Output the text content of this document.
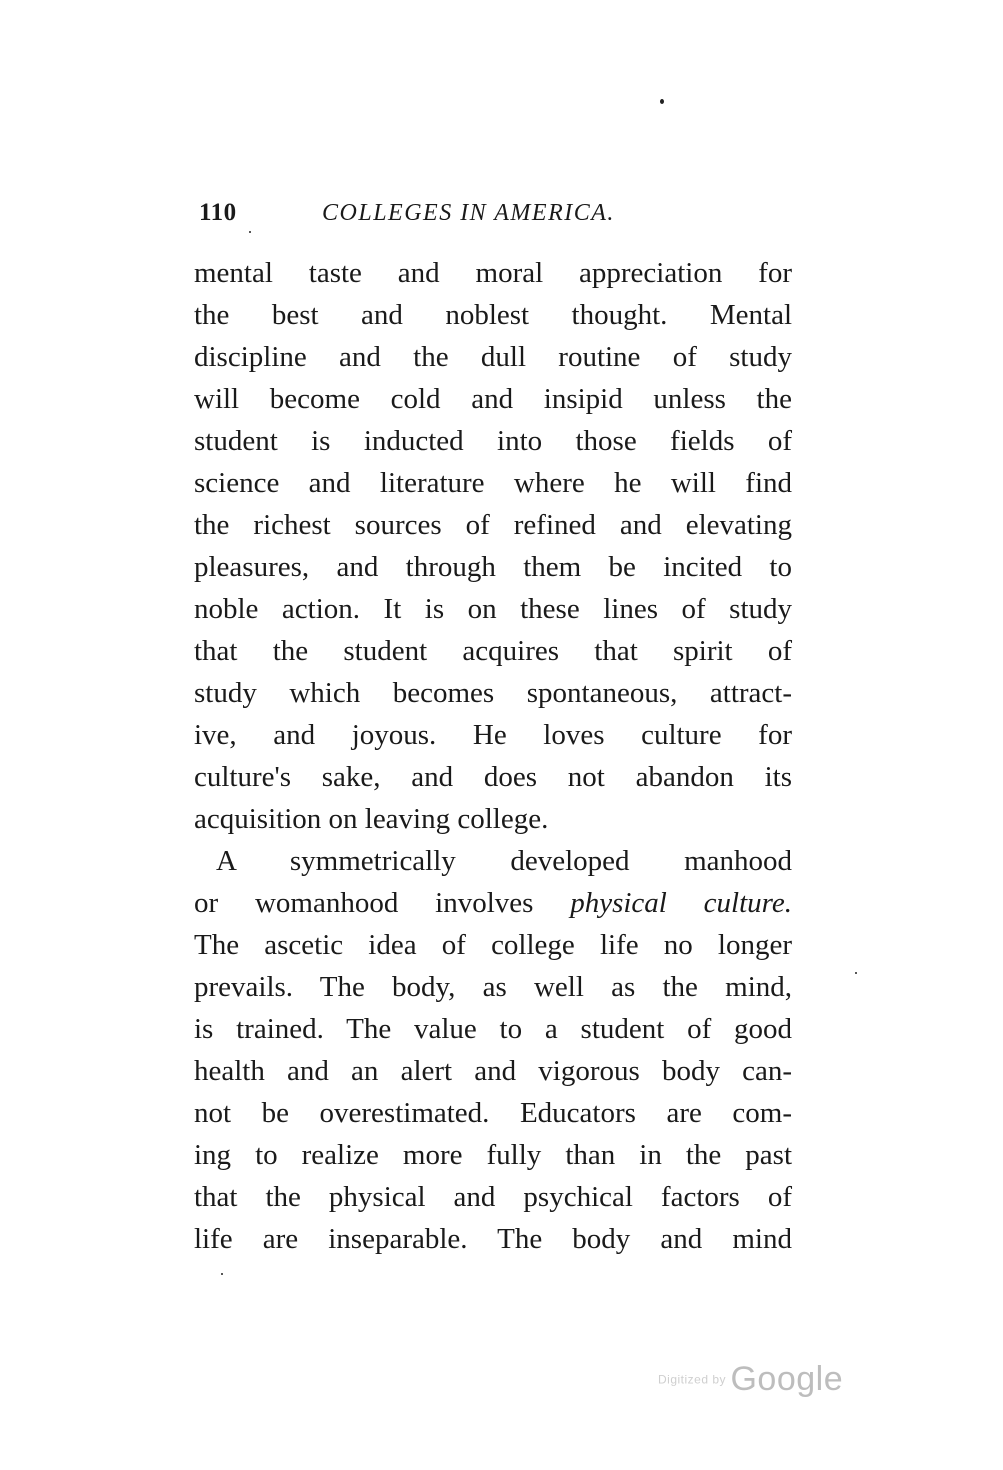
110	COLLEGES IN AMERICA.
mental taste and moral appreciation for
the best and noblest thought. Mental
discipline and the dull routine of study
will become cold and insipid unless the
student is inducted into those fields of
science and literature where he will find
the richest sources of refined and elevating
pleasures, and through them be incited to
noble action. It is on these lines of study
that the student acquires that spirit of
study which becomes spontaneous, attract-
ive, and joyous. He loves culture for
culture's sake, and does not abandon its
acquisition on leaving college.
A symmetrically developed manhood
or womanhood involves physical culture.
The ascetic idea of college life no longer
prevails. The body, as well as the mind,
is trained. The value to a student of good
health and an alert and vigorous body can-
not be overestimated. Educators are com-
ing to realize more fully than in the past
that the physical and psychical factors of
life are inseparable. The body and mind
Digitized by Google
